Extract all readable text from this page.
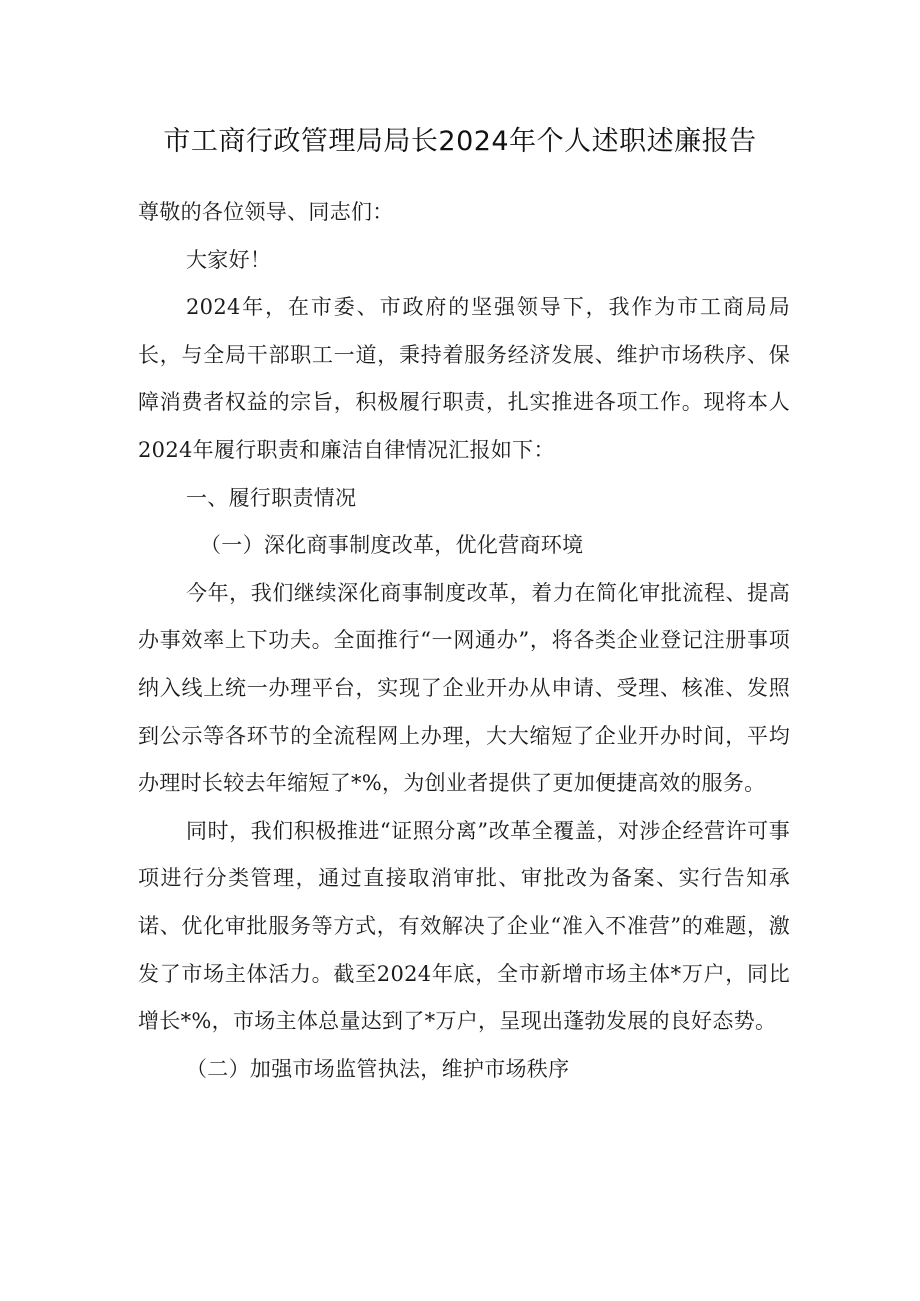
市工商行政管理局局长2024年个人述职述廉报告

尊敬的各位领导、同志们：

大家好！

2024年，在市委、市政府的坚强领导下，我作为市工商局局长，与全局干部职工一道，秉持着服务经济发展、维护市场秩序、保障消费者权益的宗旨，积极履行职责，扎实推进各项工作。现将本人2024年履行职责和廉洁自律情况汇报如下：

一、履行职责情况

（一）深化商事制度改革，优化营商环境

今年，我们继续深化商事制度改革，着力在简化审批流程、提高办事效率上下功夫。全面推行“一网通办”，将各类企业登记注册事项纳入线上统一办理平台，实现了企业开办从申请、受理、核准、发照到公示等各环节的全流程网上办理，大大缩短了企业开办时间，平均办理时长较去年缩短了*%，为创业者提供了更加便捷高效的服务。

同时，我们积极推进“证照分离”改革全覆盖，对涉企经营许可事项进行分类管理，通过直接取消审批、审批改为备案、实行告知承诺、优化审批服务等方式，有效解决了企业“准入不准营”的难题，激发了市场主体活力。截至2024年底，全市新增市场主体*万户，同比增长*%，市场主体总量达到了*万户，呈现出蓬勃发展的良好态势。

（二）加强市场监管执法，维护市场秩序
